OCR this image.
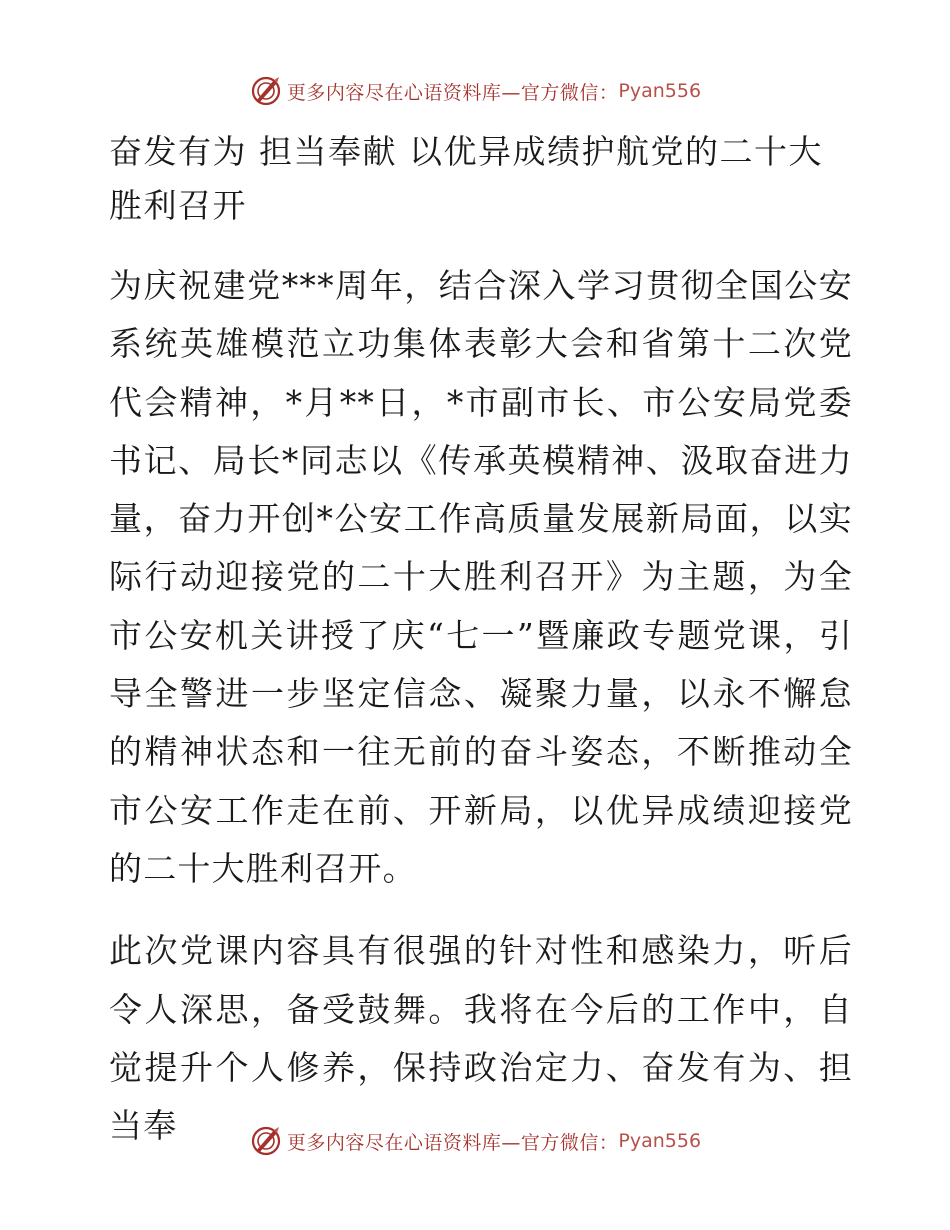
更多内容尽在心语资料库—官方微信： Pyan556
奋发有为 担当奉献 以优异成绩护航党的二十大胜利召开

为庆祝建党***周年，结合深入学习贯彻全国公安系统英雄模范立功集体表彰大会和省第十二次党代会精神，*月**日，*市副市长、市公安局党委书记、局长*同志以《传承英模精神、汲取奋进力量，奋力开创*公安工作高质量发展新局面，以实际行动迎接党的二十大胜利召开》为主题，为全市公安机关讲授了庆“七一”暨廉政专题党课，引导全警进一步坚定信念、凝聚力量，以永不懈怠的精神状态和一往无前的奋斗姿态，不断推动全市公安工作走在前、开新局，以优异成绩迎接党的二十大胜利召开。

此次党课内容具有很强的针对性和感染力，听后令人深思，备受鼓舞。我将在今后的工作中，自觉提升个人修养，保持政治定力、奋发有为、担当奉	更多内容尽在心语资料库—官方微信： Pyan556
